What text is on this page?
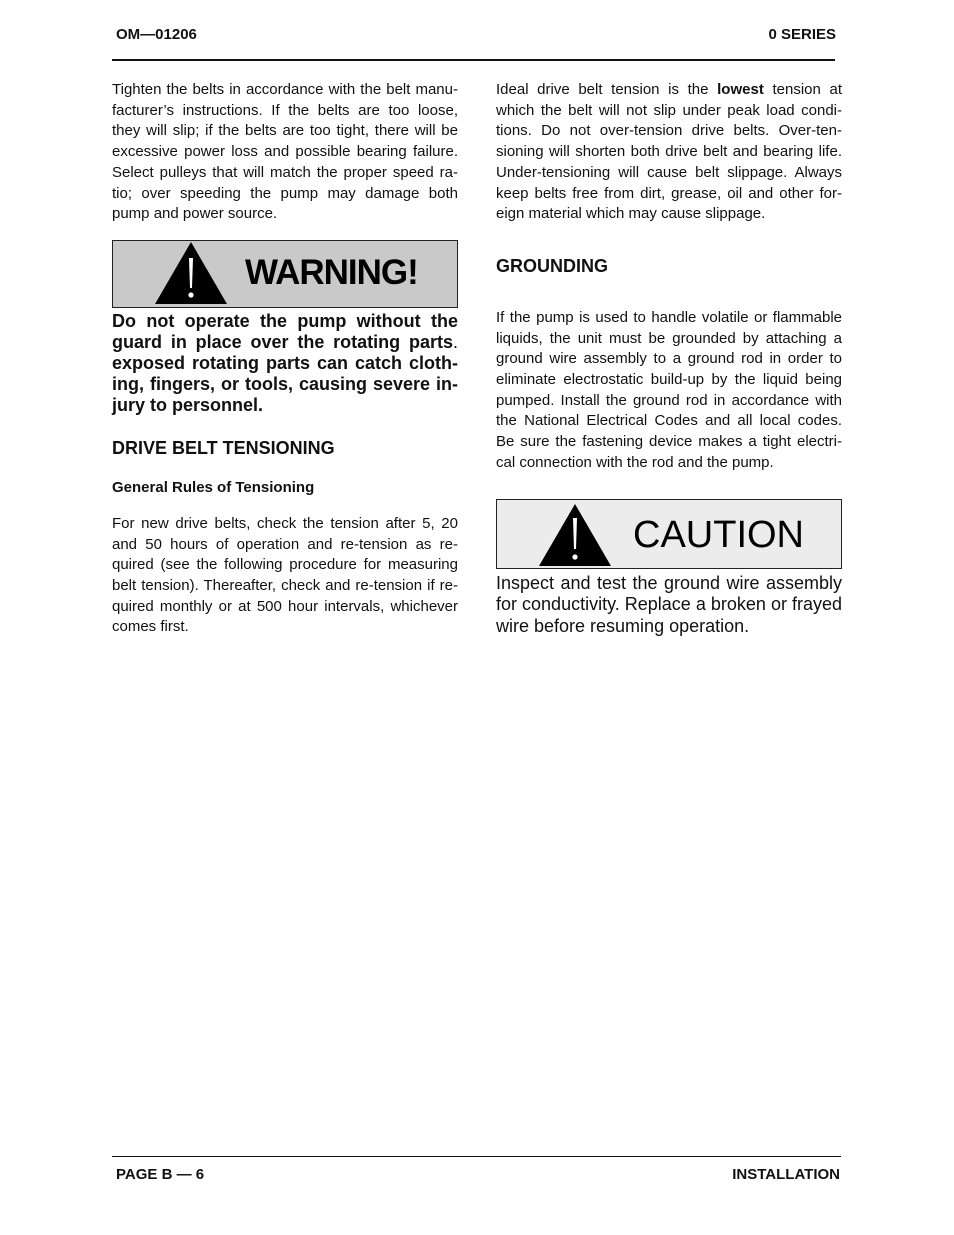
OM—01206	0 SERIES

Tighten the belts in accordance with the belt manufacturer’s instructions. If the belts are too loose, they will slip; if the belts are too tight, there will be excessive power loss and possible bearing failure. Select pulleys that will match the proper speed ratio; over speeding the pump may damage both pump and power source.

WARNING!

Do not operate the pump without the guard in place over the rotating parts. exposed rotating parts can catch clothing, fingers, or tools, causing severe injury to personnel.

DRIVE BELT TENSIONING

General Rules of Tensioning

For new drive belts, check the tension after 5, 20 and 50 hours of operation and re-tension as required (see the following procedure for measuring belt tension). Thereafter, check and re-tension if required monthly or at 500 hour intervals, whichever comes first.

Ideal drive belt tension is the lowest tension at which the belt will not slip under peak load conditions. Do not over-tension drive belts. Over-tensioning will shorten both drive belt and bearing life. Under-tensioning will cause belt slippage. Always keep belts free from dirt, grease, oil and other foreign material which may cause slippage.

GROUNDING

If the pump is used to handle volatile or flammable liquids, the unit must be grounded by attaching a ground wire assembly to a ground rod in order to eliminate electrostatic build-up by the liquid being pumped. Install the ground rod in accordance with the National Electrical Codes and all local codes. Be sure the fastening device makes a tight electrical connection with the rod and the pump.

CAUTION

Inspect and test the ground wire assembly for conductivity. Replace a broken or frayed wire before resuming operation.

PAGE B — 6	INSTALLATION
